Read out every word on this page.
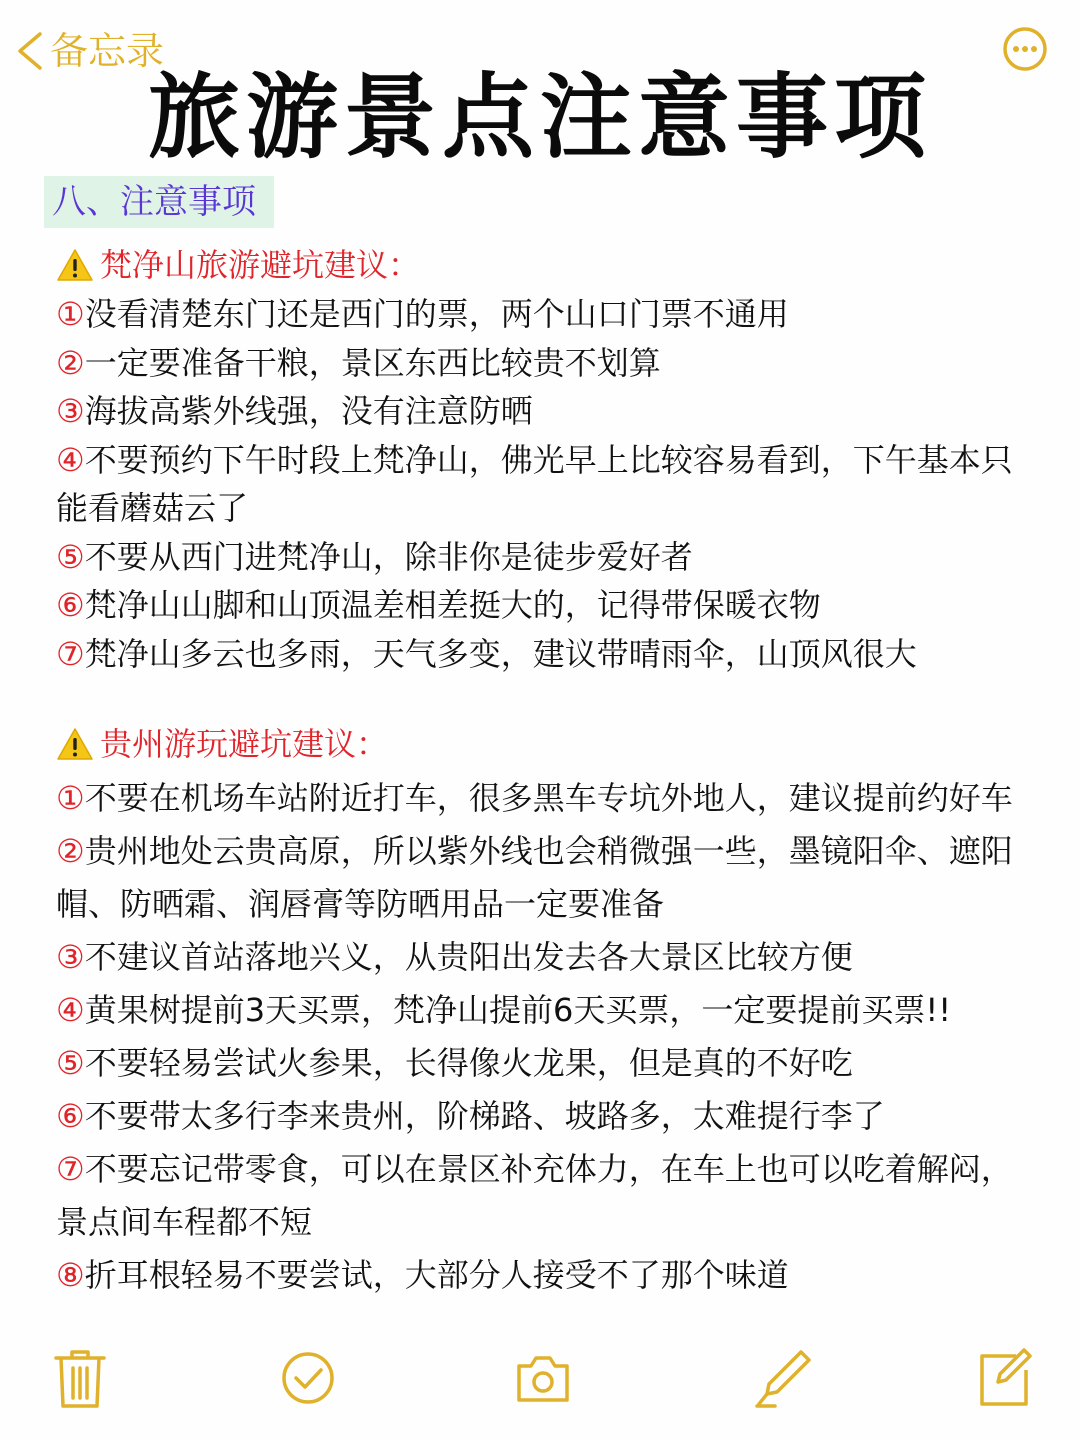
备忘录
旅游景点注意事项
八、注意事项
梵净山旅游避坑建议：
①没看清楚东门还是西门的票，两个山口门票不通用
②一定要准备干粮，景区东西比较贵不划算
③海拔高紫外线强，没有注意防晒
④不要预约下午时段上梵净山，佛光早上比较容易看到，下午基本只能看蘑菇云了
⑤不要从西门进梵净山，除非你是徒步爱好者
⑥梵净山山脚和山顶温差相差挺大的，记得带保暖衣物
⑦梵净山多云也多雨，天气多变，建议带晴雨伞，山顶风很大
贵州游玩避坑建议：
①不要在机场车站附近打车，很多黑车专坑外地人，建议提前约好车
②贵州地处云贵高原，所以紫外线也会稍微强一些，墨镜阳伞、遮阳帽、防晒霜、润唇膏等防晒用品一定要准备
③不建议首站落地兴义，从贵阳出发去各大景区比较方便
④黄果树提前3天买票，梵净山提前6天买票，一定要提前买票!!
⑤不要轻易尝试火参果，长得像火龙果，但是真的不好吃
⑥不要带太多行李来贵州，阶梯路、坡路多，太难提行李了
⑦不要忘记带零食，可以在景区补充体力，在车上也可以吃着解闷，景点间车程都不短
⑧折耳根轻易不要尝试，大部分人接受不了那个味道
